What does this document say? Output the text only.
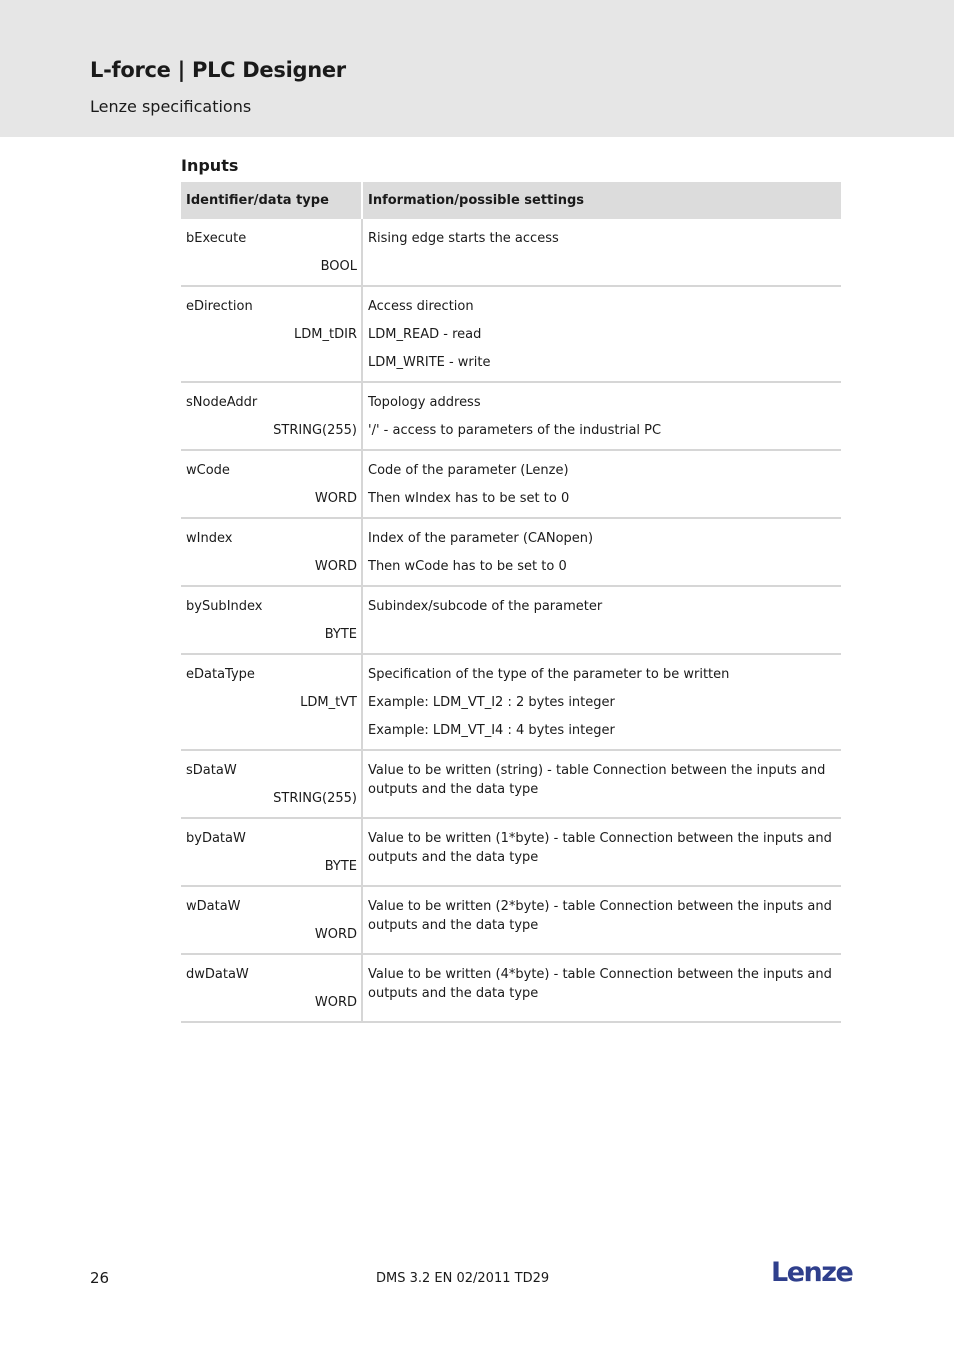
L-force | PLC Designer
Lenze specifications
Inputs
Identifier/data type	Information/possible settings

bExecute
BOOL	Rising edge starts the access

eDirection
LDM_tDIR	Access direction
LDM_READ - read
LDM_WRITE - write

sNodeAddr
STRING(255)	Topology address
'/' - access to parameters of the industrial PC

wCode
WORD	Code of the parameter (Lenze)
Then wIndex has to be set to 0

wIndex
WORD	Index of the parameter (CANopen)
Then wCode has to be set to 0

bySubIndex
BYTE	Subindex/subcode of the parameter

eDataType
LDM_tVT	Specification of the type of the parameter to be written
Example: LDM_VT_I2 : 2 bytes integer
Example: LDM_VT_I4 : 4 bytes integer

sDataW
STRING(255)	Value to be written (string) - table Connection between the inputs and outputs and the data type

byDataW
BYTE	Value to be written (1*byte) - table Connection between the inputs and outputs and the data type

wDataW
WORD	Value to be written (2*byte) - table Connection between the inputs and outputs and the data type

dwDataW
WORD	Value to be written (4*byte) - table Connection between the inputs and outputs and the data type
26	DMS 3.2 EN 02/2011 TD29	Lenze
